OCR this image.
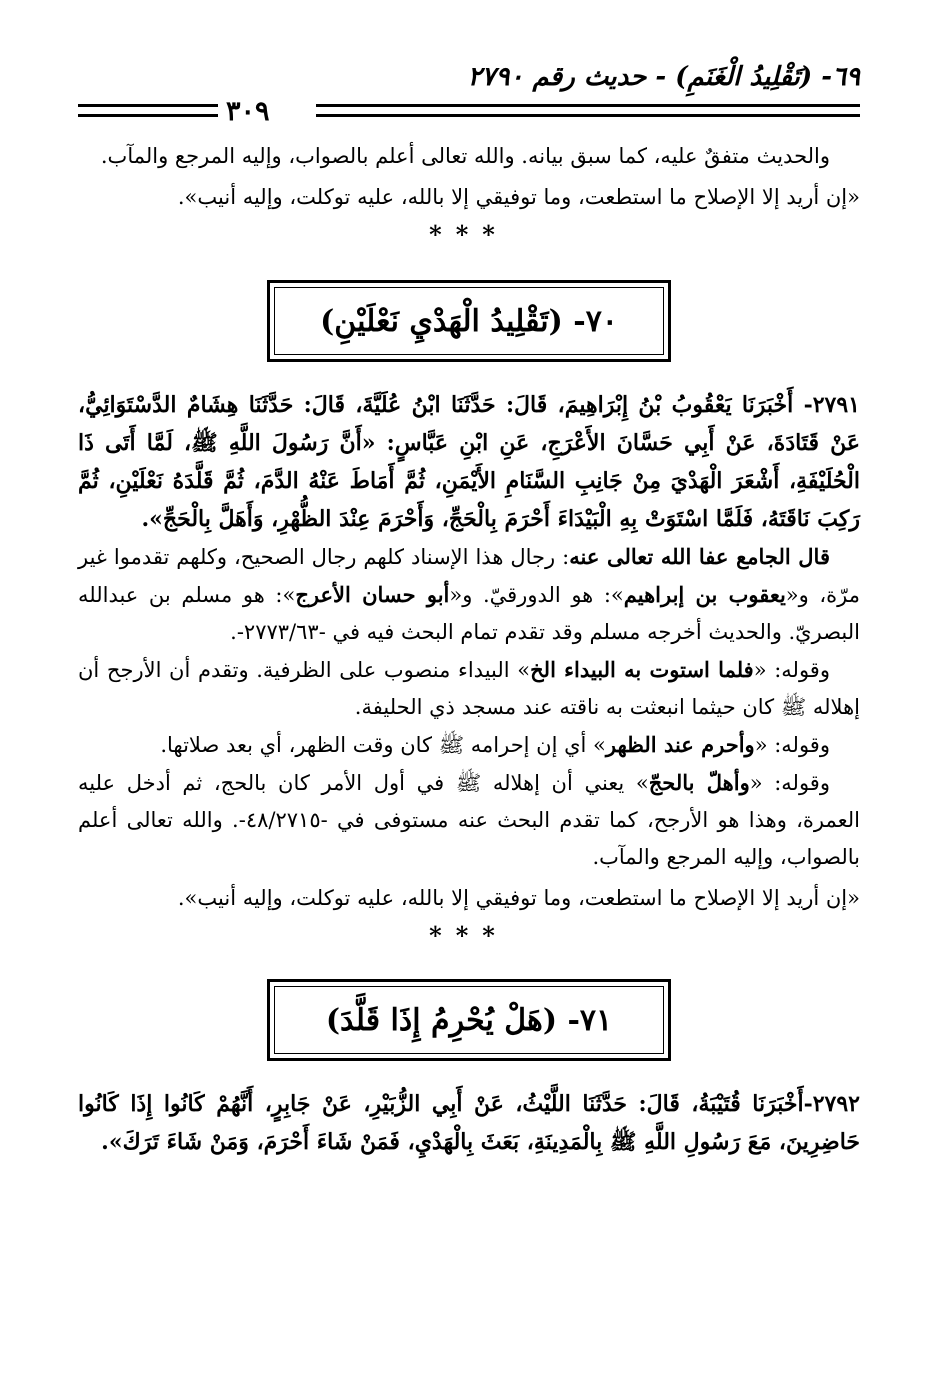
٦٩- (تَقْلِيدُ الْغَنَمِ) - حديث رقم ٢٧٩٠
٣٠٩

والحديث متفقٌ عليه، كما سبق بيانه. والله تعالى أعلم بالصواب، وإليه المرجع والمآب.

«إن أريد إلا الإصلاح ما استطعت، وما توفيقي إلا بالله، عليه توكلت، وإليه أنيب».

***
٧٠- (تَقْلِيدُ الْهَدْيِ نَعْلَيْنِ)

٢٧٩١- أَخْبَرَنَا يَعْقُوبُ بْنُ إِبْرَاهِيمَ، قَالَ: حَدَّثَنَا ابْنُ عُلَيَّةَ، قَالَ: حَدَّثَنَا هِشَامٌ الدَّسْتَوَائِيُّ، عَنْ قَتَادَةَ، عَنْ أَبِي حَسَّانَ الأَعْرَجِ، عَنِ ابْنِ عَبَّاسٍ: «أَنَّ رَسُولَ اللَّهِ ﷺ، لَمَّا أَتَى ذَا الْحُلَيْفَةِ، أَشْعَرَ الْهَدْيَ مِنْ جَانِبِ السَّنَامِ الأَيْمَنِ، ثُمَّ أَمَاطَ عَنْهُ الدَّمَ، ثُمَّ قَلَّدَهُ نَعْلَيْنِ، ثُمَّ رَكِبَ نَاقَتَهُ، فَلَمَّا اسْتَوَتْ بِهِ الْبَيْدَاءَ أَحْرَمَ بِالْحَجِّ، وَأَحْرَمَ عِنْدَ الظُّهْرِ، وَأَهَلَّ بِالْحَجِّ».

قال الجامع عفا الله تعالى عنه: رجال هذا الإسناد كلهم رجال الصحيح، وكلهم تقدموا غير مرّة، و«يعقوب بن إبراهيم»: هو الدورقيّ. و«أبو حسان الأعرج»: هو مسلم بن عبدالله البصريّ. والحديث أخرجه مسلم وقد تقدم تمام البحث فيه في -٢٧٧٣/٦٣-.

وقوله: «فلما استوت به البيداء الخ» البيداء منصوب على الظرفية. وتقدم أن الأرجح أن إهلاله ﷺ كان حيثما انبعثت به ناقته عند مسجد ذي الحليفة.

وقوله: «وأحرم عند الظهر» أي إن إحرامه ﷺ كان وقت الظهر، أي بعد صلاتها.

وقوله: «وأهلّ بالحجّ» يعني أن إهلاله ﷺ في أول الأمر كان بالحج، ثم أدخل عليه العمرة، وهذا هو الأرجح، كما تقدم البحث عنه مستوفى في -٤٨/٢٧١٥-. والله تعالى أعلم بالصواب، وإليه المرجع والمآب.

«إن أريد إلا الإصلاح ما استطعت، وما توفيقي إلا بالله، عليه توكلت، وإليه أنيب».

***
٧١- (هَلْ يُحْرِمُ إِذَا قَلَّدَ)

٢٧٩٢-أَخْبَرَنَا قُتَيْبَةُ، قَالَ: حَدَّثَنَا اللَّيْثُ، عَنْ أَبِي الزُّبَيْرِ، عَنْ جَابِرٍ، أَنَّهُمْ كَانُوا إِذَا كَانُوا حَاضِرِينَ، مَعَ رَسُولِ اللَّهِ ﷺ بِالْمَدِينَةِ، بَعَثَ بِالْهَدْيِ، فَمَنْ شَاءَ أَحْرَمَ، وَمَنْ شَاءَ تَرَكَ».
